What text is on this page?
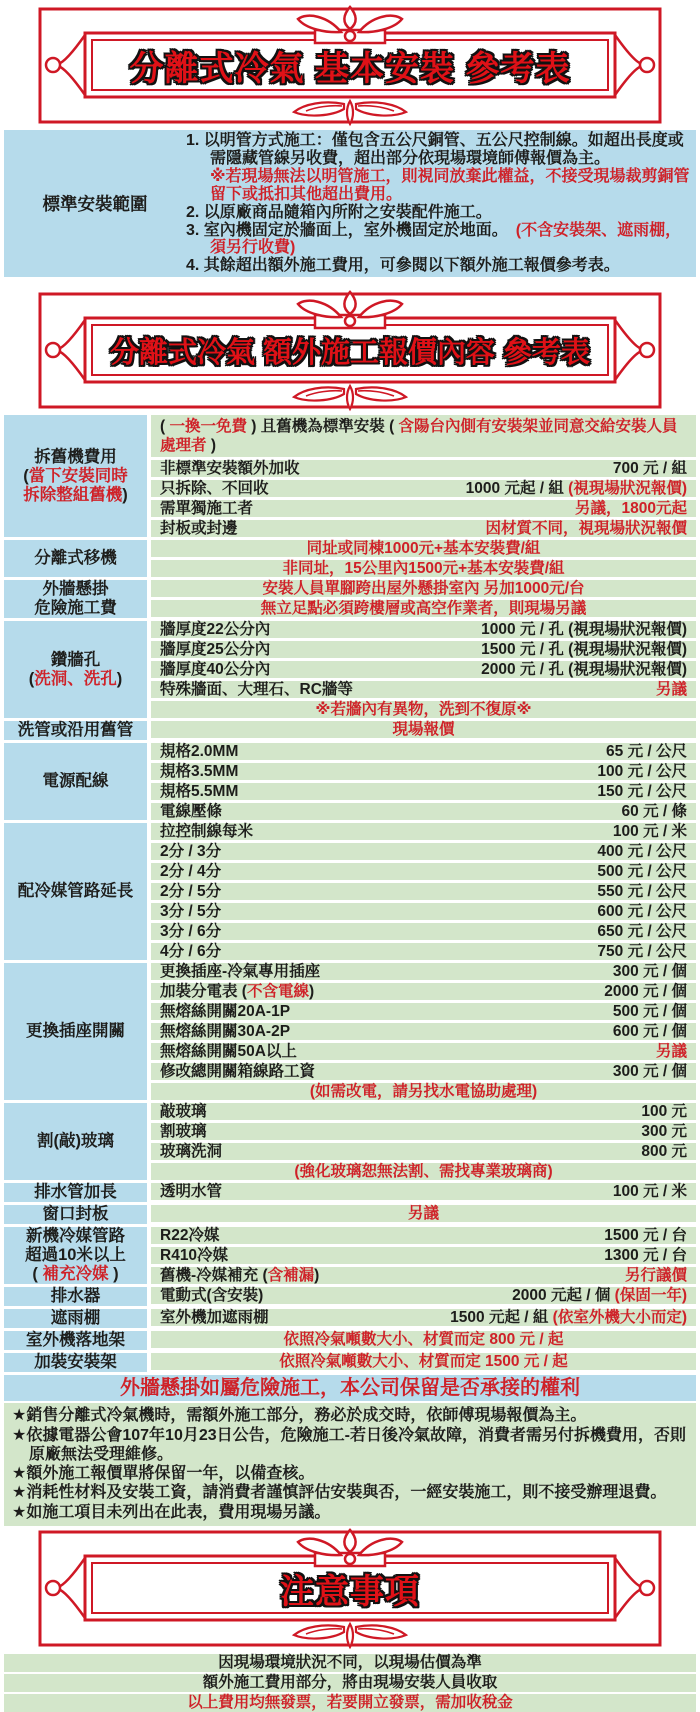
分離式冷氣 基本安裝 參考表
標準安裝範圍
1. 以明管方式施工：僅包含五公尺銅管、五公尺控制線。如超出長度或需隱藏管線另收費，超出部分依現場環境師傅報價為主。
※若現場無法以明管施工，則視同放棄此權益，不接受現場裁剪銅管留下或抵扣其他超出費用。
2. 以原廠商品隨箱內所附之安裝配件施工。
3. 室內機固定於牆面上，室外機固定於地面。　(不含安裝架、遮雨棚，須另行收費)
4. 其餘超出額外施工費用，可參閱以下額外施工報價參考表。
分離式冷氣 額外施工報價內容 參考表
拆舊機費用
(當下安裝同時
拆除整組舊機)
( 一換一免費 ) 且舊機為標準安裝 ( 含陽台內側有安裝架並同意交給安裝人員 處理者 )
非標準安裝額外加收	700 元 / 組
只拆除、不回收	1000 元起 / 組 (視現場狀況報價)
需單獨施工者	另議，1800元起
封板或封邊	因材質不同，視現場狀況報價
分離式移機
同址或同棟1000元+基本安裝費/組
非同址，15公里內1500元+基本安裝費/組
外牆懸掛
危險施工費
安裝人員單腳跨出屋外懸掛室內 另加1000元/台
無立足點必須跨樓層或高空作業者，則現場另議
鑽牆孔
(洗洞、洗孔)
牆厚度22公分內	1000 元 / 孔 (視現場狀況報價)
牆厚度25公分內	1500 元 / 孔 (視現場狀況報價)
牆厚度40公分內	2000 元 / 孔 (視現場狀況報價)
特殊牆面、大理石、RC牆等	另議
※若牆內有異物，洗到不復原※
洗管或沿用舊管	現場報價
電源配線
規格2.0MM	65 元 / 公尺
規格3.5MM	100 元 / 公尺
規格5.5MM	150 元 / 公尺
電線壓條	60 元 / 條
配冷媒管路延長
拉控制線每米	100 元 / 米
2分 / 3分	400 元 / 公尺
2分 / 4分	500 元 / 公尺
2分 / 5分	550 元 / 公尺
3分 / 5分	600 元 / 公尺
3分 / 6分	650 元 / 公尺
4分 / 6分	750 元 / 公尺
更換插座開關
更換插座-冷氣專用插座	300 元 / 個
加裝分電表 (不含電線)	2000 元 / 個
無熔絲開關20A-1P	500 元 / 個
無熔絲開關30A-2P	600 元 / 個
無熔絲開關50A以上	另議
修改總開關箱線路工資	300 元 / 個
(如需改電，請另找水電協助處理)
割(敲)玻璃
敲玻璃	100 元
割玻璃	300 元
玻璃洗洞	800 元
(強化玻璃恕無法割、需找專業玻璃商)
排水管加長	透明水管	100 元 / 米
窗口封板	另議
新機冷媒管路
超過10米以上
( 補充冷媒 )
R22冷媒	1500 元 / 台
R410冷媒	1300 元 / 台
舊機-冷媒補充 (含補漏)	另行議價
排水器	電動式(含安裝)	2000 元起 / 個 (保固一年)
遮雨棚	室外機加遮雨棚	1500 元起 / 組 (依室外機大小而定)
室外機落地架	依照冷氣噸數大小、材質而定 800 元 / 起
加裝安裝架	依照冷氣噸數大小、材質而定 1500 元 / 起
外牆懸掛如屬危險施工，本公司保留是否承接的權利
★銷售分離式冷氣機時，需額外施工部分，務必於成交時，依師傅現場報價為主。
★依據電器公會107年10月23日公告，危險施工-若日後冷氣故障，消費者需另付拆機費用，否則原廠無法受理維修。
★額外施工報價單將保留一年，以備查核。
★消耗性材料及安裝工資，請消費者謹慎評估安裝與否，一經安裝施工，則不接受辦理退費。
★如施工項目未列出在此表，費用現場另議。
注意事項
因現場環境狀況不同，以現場估價為準
額外施工費用部分，將由現場安裝人員收取
以上費用均無發票，若要開立發票，需加收稅金
